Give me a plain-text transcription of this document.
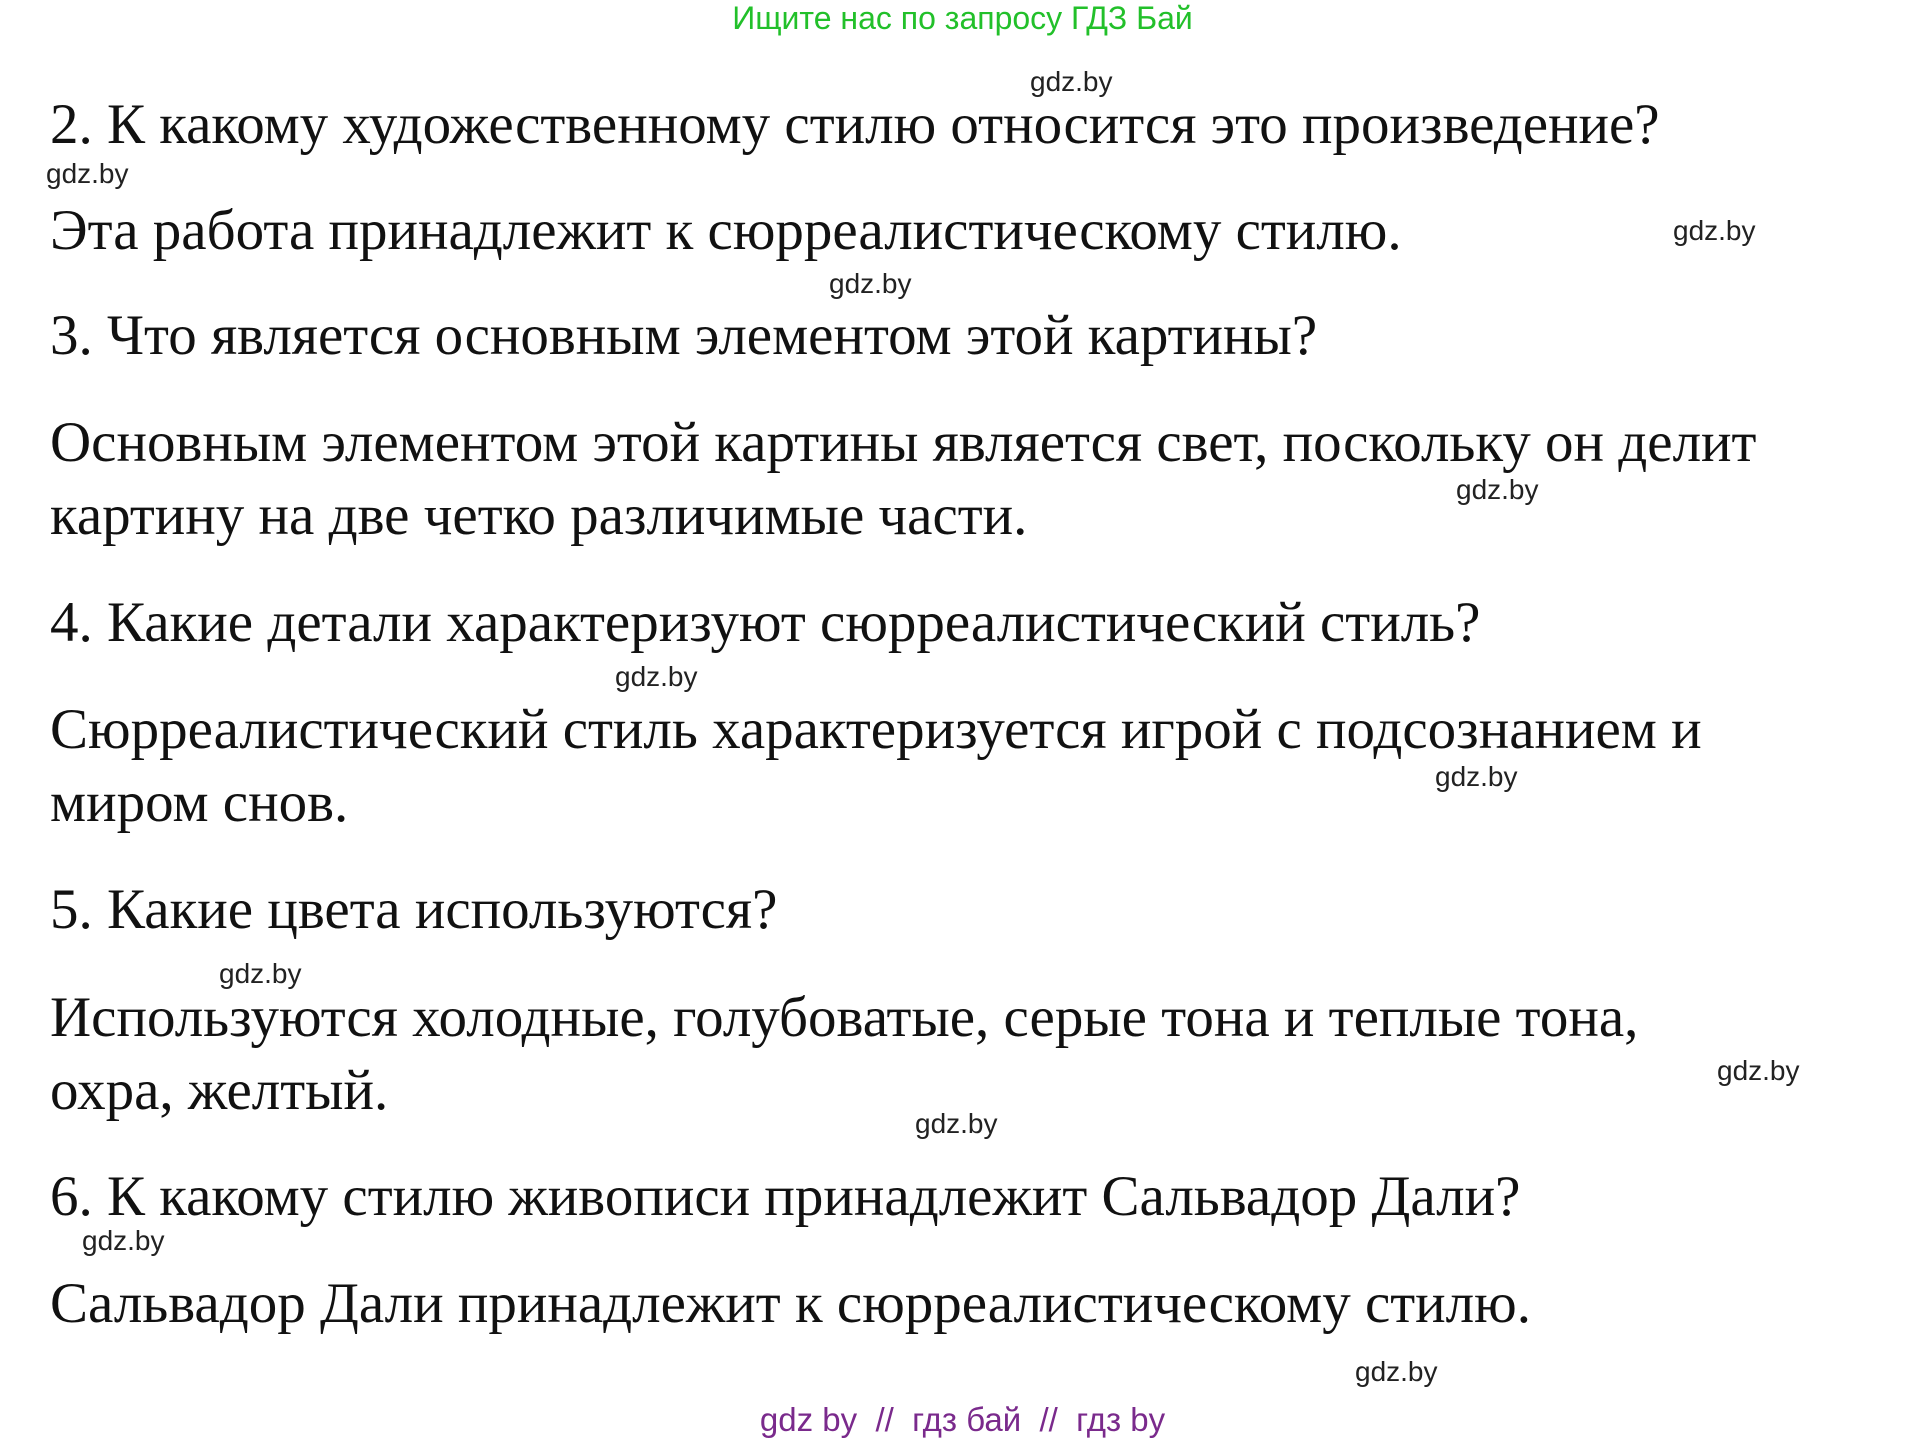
Ищите нас по запросу ГДЗ Бай
2. К какому художественному стилю относится это произведение?
Эта работа принадлежит к сюрреалистическому стилю.
3. Что является основным элементом этой картины?
Основным элементом этой картины является свет, поскольку он делит
картину на две четко различимые части.
4. Какие детали характеризуют сюрреалистический стиль?
Сюрреалистический стиль характеризуется игрой с подсознанием и
миром снов.
5. Какие цвета используются?
Используются холодные, голубоватые, серые тона и теплые тона,
охра, желтый.
6. К какому стилю живописи принадлежит Сальвадор Дали?
Сальвадор Дали принадлежит к сюрреалистическому стилю.
gdz.by
gdz.by
gdz.by
gdz.by
gdz.by
gdz.by
gdz.by
gdz.by
gdz.by
gdz.by
gdz.by
gdz.by
gdz by  //  гдз бай  //  гдз by
